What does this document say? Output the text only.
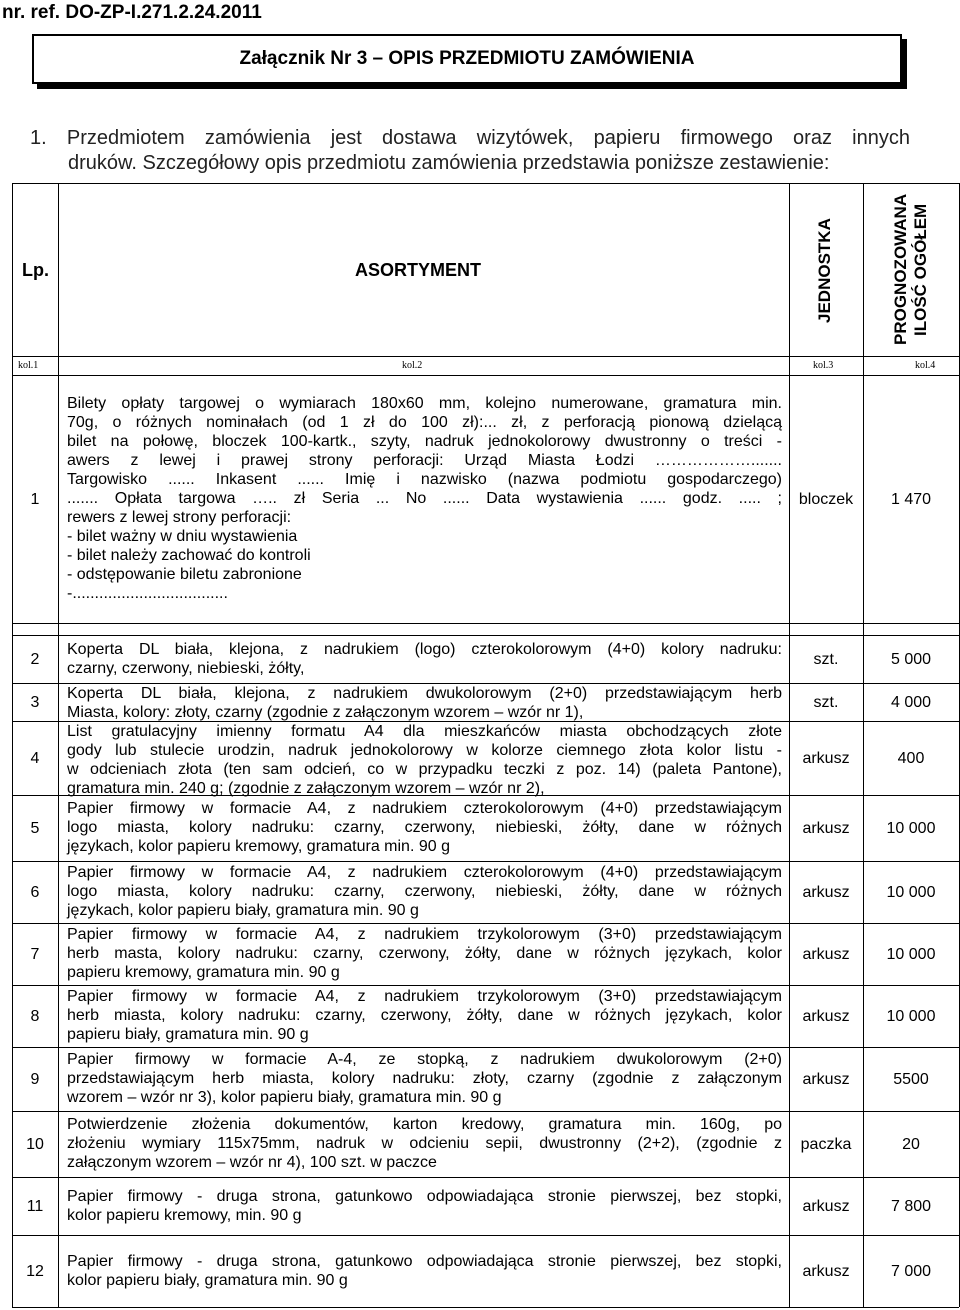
nr. ref. DO-ZP-I.271.2.24.2011
Załącznik Nr 3 – OPIS PRZEDMIOTU ZAMÓWIENIA
1. Przedmiotem zamówienia jest dostawa wizytówek, papieru firmowego oraz innych
druków. Szczegółowy opis przedmiotu zamówienia przedstawia poniższe zestawienie:
Lp.	ASORTYMENT	JEDNOSTKA	PROGNOZOWANA ILOŚĆ OGÓŁEM
kol.1	kol.2	kol.3	kol.4
1
Bilety opłaty targowej o wymiarach 180x60 mm, kolejno numerowane, gramatura min.
70g, o różnych nominałach (od 1 zł do 100 zł):... zł, z perforacją pionową dzielącą
bilet na połowę, bloczek 100-kartk., szyty, nadruk jednokolorowy dwustronny o treści -
awers z lewej i prawej strony perforacji: Urząd Miasta Łodzi ……………….......
Targowisko ...... Inkasent ...... Imię i nazwisko (nazwa podmiotu gospodarczego)
....... Opłata targowa ….. zł Seria ... No ...... Data wystawienia ...... godz. ..... ;
rewers z lewej strony perforacji:
- bilet ważny w dniu wystawienia
- bilet należy zachować do kontroli
- odstępowanie biletu zabronione
-...................................
bloczek	1 470
2
Koperta DL biała, klejona, z nadrukiem (logo) czterokolorowym (4+0) kolory nadruku:
czarny, czerwony, niebieski, żółty,
szt.	5 000
3	Koperta DL biała, klejona, z nadrukiem dwukolorowym (2+0) przedstawiającym herb
Miasta, kolory: złoty, czarny (zgodnie z załączonym wzorem – wzór nr 1),
szt.	4 000
4
List gratulacyjny imienny formatu A4 dla mieszkańców miasta obchodzących złote
gody lub stulecie urodzin, nadruk jednokolorowy w kolorze ciemnego złota kolor listu -
w odcieniach złota (ten sam odcień, co w przypadku teczki z poz. 14) (paleta Pantone),
gramatura min. 240 g; (zgodnie z załączonym wzorem – wzór nr 2),
arkusz	400
5
Papier firmowy w formacie A4, z nadrukiem czterokolorowym (4+0) przedstawiającym
logo miasta, kolory nadruku: czarny, czerwony, niebieski, żółty, dane w różnych
językach, kolor papieru kremowy, gramatura min. 90 g
arkusz	10 000
6
Papier firmowy w formacie A4, z nadrukiem czterokolorowym (4+0) przedstawiającym
logo miasta, kolory nadruku: czarny, czerwony, niebieski, żółty, dane w różnych
językach, kolor papieru biały, gramatura min. 90 g
arkusz	10 000
7
Papier firmowy w formacie A4, z nadrukiem trzykolorowym (3+0) przedstawiającym
herb masta, kolory nadruku: czarny, czerwony, żółty, dane w różnych językach, kolor
papieru kremowy, gramatura min. 90 g
arkusz	10 000
8
Papier firmowy w formacie A4, z nadrukiem trzykolorowym (3+0) przedstawiającym
herb miasta, kolory nadruku: czarny, czerwony, żółty, dane w różnych językach, kolor
papieru biały, gramatura min. 90 g
arkusz	10 000
9
Papier firmowy w formacie A-4, ze stopką, z nadrukiem dwukolorowym (2+0)
przedstawiającym herb miasta, kolory nadruku: złoty, czarny (zgodnie z załączonym
wzorem – wzór nr 3), kolor papieru biały, gramatura min. 90 g
arkusz	5500
10
Potwierdzenie złożenia dokumentów, karton kredowy, gramatura min. 160g, po
złożeniu wymiary 115x75mm, nadruk w odcieniu sepii, dwustronny (2+2), (zgodnie z
załączonym wzorem – wzór nr 4), 100 szt. w paczce
paczka	20
11
Papier firmowy - druga strona, gatunkowo odpowiadająca stronie pierwszej, bez stopki,
kolor papieru kremowy, min. 90 g
arkusz	7 800
12
Papier firmowy - druga strona, gatunkowo odpowiadająca stronie pierwszej, bez stopki,
kolor papieru biały, gramatura min. 90 g
arkusz	7 000
